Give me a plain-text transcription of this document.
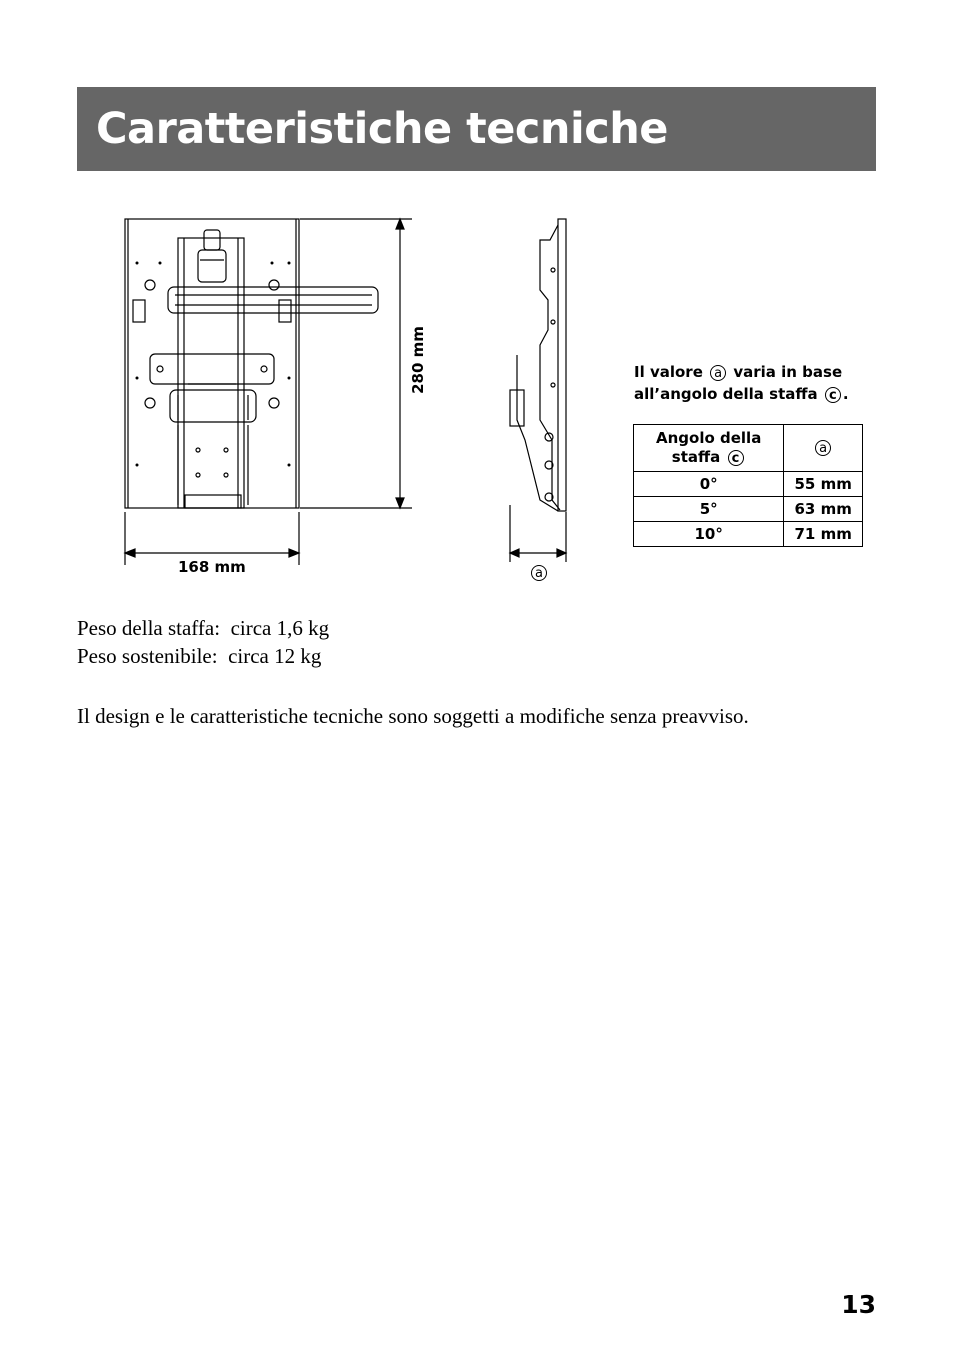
Caratteristiche tecniche
168 mm
280 mm
a
Il valore a varia in base all’angolo della staffa c .
Angolo della staffa c	a
0°	55 mm
5°	63 mm
10°	71 mm
Peso della staffa:  circa 1,6 kg
Peso sostenibile:  circa 12 kg
Il design e le caratteristiche tecniche sono soggetti a modifiche senza preavviso.
13
